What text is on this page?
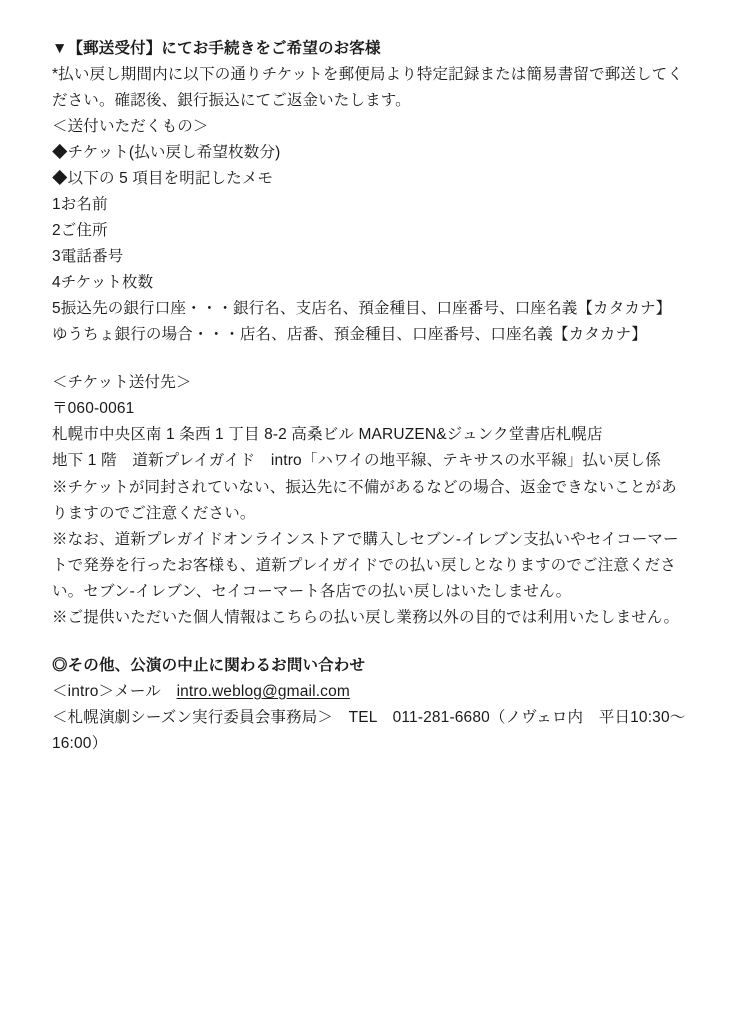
▼【郵送受付】にてお手続きをご希望のお客様

*払い戻し期間内に以下の通りチケットを郵便局より特定記録または簡易書留で郵送してください。確認後、銀行振込にてご返金いたします。

＜送付いただくもの＞

◆チケット(払い戻し希望枚数分)

◆以下の 5 項目を明記したメモ

1お名前

2ご住所

3電話番号

4チケット枚数

5振込先の銀行口座・・・銀行名、支店名、預金種目、口座番号、口座名義【カタカナ】

ゆうちょ銀行の場合・・・店名、店番、預金種目、口座番号、口座名義【カタカナ】

＜チケット送付先＞

〒060-0061

札幌市中央区南 1 条西 1 丁目 8-2 高桑ビル MARUZEN&ジュンク堂書店札幌店

地下 1 階　道新プレイガイド　intro「ハワイの地平線、テキサスの水平線」払い戻し係

※チケットが同封されていない、振込先に不備があるなどの場合、返金できないことがありますのでご注意ください。

※なお、道新プレガイドオンラインストアで購入しセブン-イレブン支払いやセイコーマートで発券を行ったお客様も、道新プレイガイドでの払い戻しとなりますのでご注意ください。セブン-イレブン、セイコーマート各店での払い戻しはいたしません。

※ご提供いただいた個人情報はこちらの払い戻し業務以外の目的では利用いたしません。

◎その他、公演の中止に関わるお問い合わせ

＜intro＞メール　intro.weblog@gmail.com

＜札幌演劇シーズン実行委員会事務局＞　TEL　011-281-6680（ノヴェロ内　平日10:30〜16:00）
